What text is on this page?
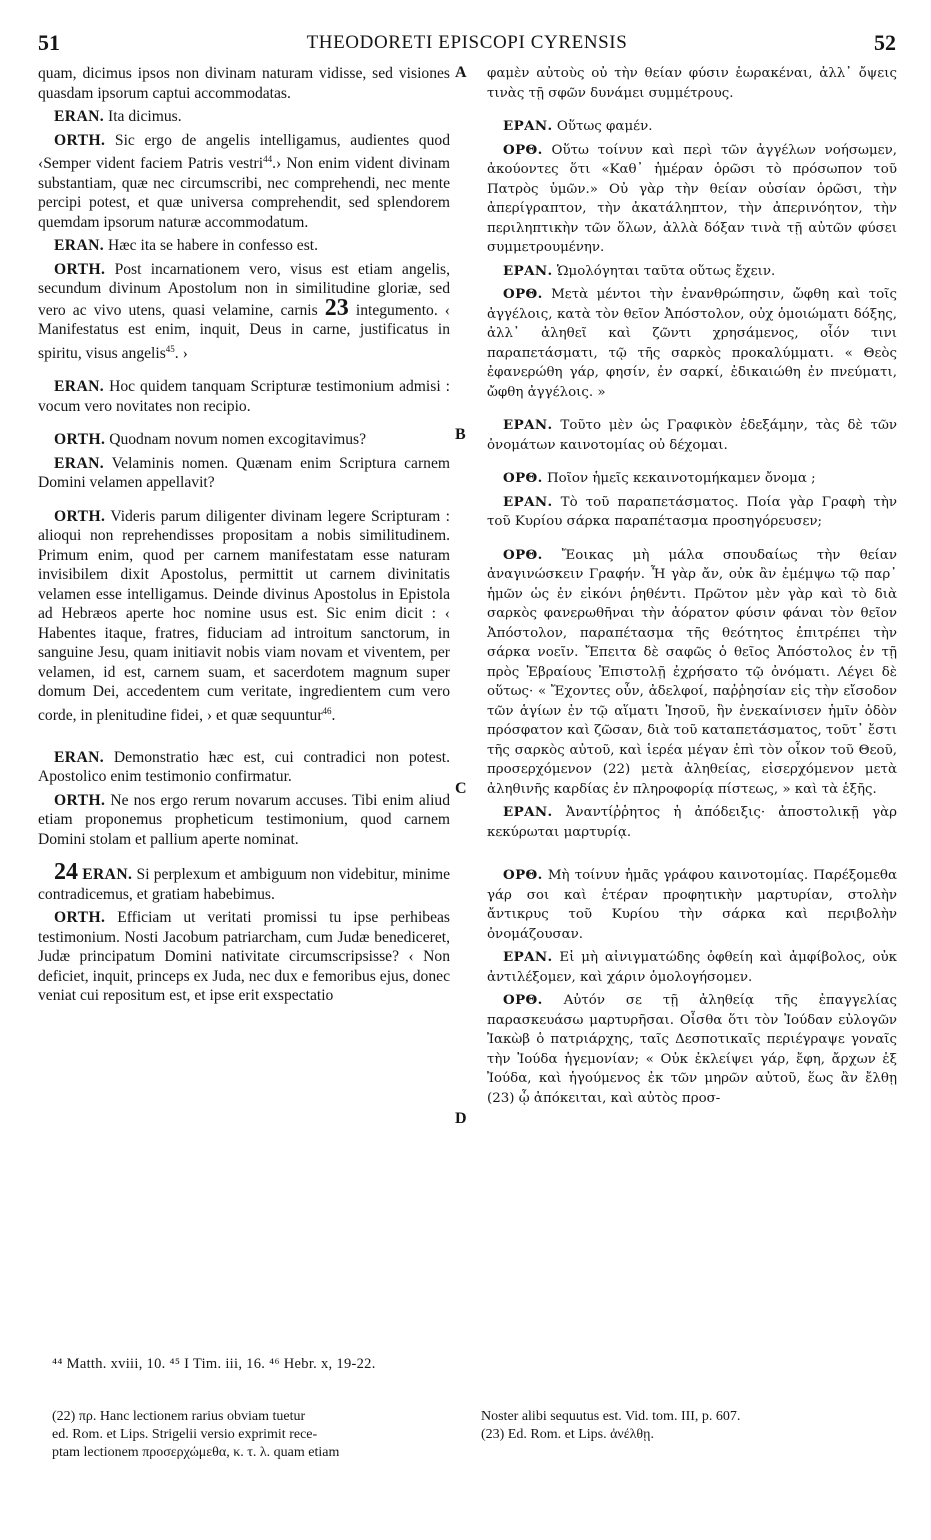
51	THEODORETI EPISCOPI CYRENSIS	52
A
B
C
D

quam, dicimus ipsos non divinam naturam vidisse, sed visiones quasdam ipsorum captui accommodatas.

ERAN. Ita dicimus.

ORTH. Sic ergo de angelis intelligamus, audientes quod ‹Semper vident faciem Patris vestri$^{44}$.› Non enim vident divinam substantiam, quæ nec circumscribi, nec comprehendi, nec mente percipi potest, et quæ universa comprehendit, sed splendorem quemdam ipsorum naturæ accommodatum.

ERAN. Hæc ita se habere in confesso est.

ORTH. Post incarnationem vero, visus est etiam angelis, secundum divinum Apostolum non in similitudine gloriæ, sed vero ac vivo utens, quasi velamine, carnis 23 integumento. ‹ Manifestatus est enim, inquit, Deus in carne, justificatus in spiritu, visus angelis$^{45}$. ›

ERAN. Hoc quidem tanquam Scripturæ testimonium admisi : vocum vero novitates non recipio.

ORTH. Quodnam novum nomen excogitavimus?

ERAN. Velaminis nomen. Quænam enim Scriptura carnem Domini velamen appellavit?

ORTH. Videris parum diligenter divinam legere Scripturam : alioqui non reprehendisses propositam a nobis similitudinem. Primum enim, quod per carnem manifestatam esse naturam invisibilem dixit Apostolus, permittit ut carnem divinitatis velamen esse intelligamus. Deinde divinus Apostolus in Epistola ad Hebræos aperte hoc nomine usus est. Sic enim dicit : ‹ Habentes itaque, fratres, fiduciam ad introitum sanctorum, in sanguine Jesu, quam initiavit nobis viam novam et viventem, per velamen, id est, carnem suam, et sacerdotem magnum super domum Dei, accedentem cum veritate, ingredientem cum vero corde, in plenitudine fidei, › et quæ sequuntur$^{46}$.

ERAN. Demonstratio hæc est, cui contradici non potest. Apostolico enim testimonio confirmatur.

ORTH. Ne nos ergo rerum novarum accuses. Tibi enim aliud etiam proponemus propheticum testimonium, quod carnem Domini stolam et pallium aperte nominat.

24 ERAN. Si perplexum et ambiguum non videbitur, minime contradicemus, et gratiam habebimus.

ORTH. Efficiam ut veritati promissi tu ipse perhibeas testimonium. Nosti Jacobum patriarcham, cum Judæ benediceret, Judæ principatum Domini nativitate circumscripsisse? ‹ Non deficiet, inquit, princeps ex Juda, nec dux e femoribus ejus, donec veniat cui repositum est, et ipse erit exspectatio

φαμὲν αὐτοὺς οὐ τὴν θείαν φύσιν ἑωρακέναι, ἀλλ᾽ ὄψεις τινὰς τῇ σφῶν δυνάμει συμμέτρους.

ΕΡΑΝ. Οὕτως φαμέν.

ΟΡΘ. Οὕτω τοίνυν καὶ περὶ τῶν ἀγγέλων νοήσωμεν, ἀκούοντες ὅτι «Καθ᾽ ἡμέραν ὁρῶσι τὸ πρόσωπον τοῦ Πατρὸς ὑμῶν.» Οὐ γὰρ τὴν θείαν οὐσίαν ὁρῶσι, τὴν ἀπερίγραπτον, τὴν ἀκατάληπτον, τὴν ἀπερινόητον, τὴν περιληπτικὴν τῶν ὅλων, ἀλλὰ δόξαν τινὰ τῇ αὐτῶν φύσει συμμετρουμένην.

ΕΡΑΝ. Ὡμολόγηται ταῦτα οὕτως ἔχειν.

ΟΡΘ. Μετὰ μέντοι τὴν ἐνανθρώπησιν, ὤφθη καὶ τοῖς ἀγγέλοις, κατὰ τὸν θεῖον Ἀπόστολον, οὐχ ὁμοιώματι δόξης, ἀλλ᾽ ἀληθεῖ καὶ ζῶντι χρησάμενος, οἷόν τινι παραπετάσματι, τῷ τῆς σαρκὸς προκαλύμματι. « Θεὸς ἐφανερώθη γάρ, φησίν, ἐν σαρκί, ἐδικαιώθη ἐν πνεύματι, ὤφθη ἀγγέλοις. »

ΕΡΑΝ. Τοῦτο μὲν ὡς Γραφικὸν ἐδεξάμην, τὰς δὲ τῶν ὀνομάτων καινοτομίας οὐ δέχομαι.

ΟΡΘ. Ποῖον ἡμεῖς κεκαινοτομήκαμεν ὄνομα ;

ΕΡΑΝ. Τὸ τοῦ παραπετάσματος. Ποία γὰρ Γραφὴ τὴν τοῦ Κυρίου σάρκα παραπέτασμα προσηγόρευσεν;

ΟΡΘ. Ἔοικας μὴ μάλα σπουδαίως τὴν θείαν ἀναγινώσκειν Γραφήν. Ἦ γὰρ ἄν, οὐκ ἂν ἐμέμψω τῷ παρ᾽ ἡμῶν ὡς ἐν εἰκόνι ῥηθέντι. Πρῶτον μὲν γὰρ καὶ τὸ διὰ σαρκὸς φανερωθῆναι τὴν ἀόρατον φύσιν φάναι τὸν θεῖον Ἀπόστολον, παραπέτασμα τῆς θεότητος ἐπιτρέπει τὴν σάρκα νοεῖν. Ἔπειτα δὲ σαφῶς ὁ θεῖος Ἀπόστολος ἐν τῇ πρὸς Ἑβραίους Ἐπιστολῇ ἐχρήσατο τῷ ὀνόματι. Λέγει δὲ οὕτως· « Ἔχοντες οὖν, ἀδελφοί, παῤῥησίαν εἰς τὴν εἴσοδον τῶν ἁγίων ἐν τῷ αἵματι Ἰησοῦ, ἣν ἐνεκαίνισεν ἡμῖν ὁδὸν πρόσφατον καὶ ζῶσαν, διὰ τοῦ καταπετάσματος, τοῦτ᾽ ἔστι τῆς σαρκὸς αὐτοῦ, καὶ ἱερέα μέγαν ἐπὶ τὸν οἶκον τοῦ Θεοῦ, προσερχόμενον (22) μετὰ ἀληθείας, εἰσερχόμενον μετὰ ἀληθινῆς καρδίας ἐν πληροφορίᾳ πίστεως, » καὶ τὰ ἑξῆς.

ΕΡΑΝ. Ἀναντίῤῥητος ἡ ἀπόδειξις· ἀποστολικῇ γὰρ κεκύρωται μαρτυρίᾳ.

ΟΡΘ. Μὴ τοίνυν ἡμᾶς γράφου καινοτομίας. Παρέξομεθα γάρ σοι καὶ ἑτέραν προφητικὴν μαρτυρίαν, στολὴν ἄντικρυς τοῦ Κυρίου τὴν σάρκα καὶ περιβολὴν ὀνομάζουσαν.

ΕΡΑΝ. Εἰ μὴ αἰνιγματώδης ὀφθείη καὶ ἀμφίβολος, οὐκ ἀντιλέξομεν, καὶ χάριν ὁμολογήσομεν.

ΟΡΘ. Αὐτόν σε τῇ ἀληθείᾳ τῆς ἐπαγγελίας παρασκευάσω μαρτυρῆσαι. Οἶσθα ὅτι τὸν Ἰούδαν εὐλογῶν Ἰακὼβ ὁ πατριάρχης, ταῖς Δεσποτικαῖς περιέγραψε γοναῖς τὴν Ἰούδα ἡγεμονίαν; « Οὐκ ἐκλείψει γάρ, ἔφη, ἄρχων ἐξ Ἰούδα, καὶ ἡγούμενος ἐκ τῶν μηρῶν αὐτοῦ, ἕως ἂν ἔλθῃ (23) ᾧ ἀπόκειται, καὶ αὐτὸς προσ-

⁴⁴ Matth. xviii, 10. ⁴⁵ I Tim. iii, 16. ⁴⁶ Hebr. x, 19-22.
(22) πρ. Hanc lectionem rarius obviam tuetur
ed. Rom. et Lips. Strigelii versio exprimit rece-
ptam lectionem προσερχώμεθα, κ. τ. λ. quam etiam
Noster alibi sequutus est. Vid. tom. III, p. 607.
(23) Ed. Rom. et Lips. ἀνέλθῃ.
